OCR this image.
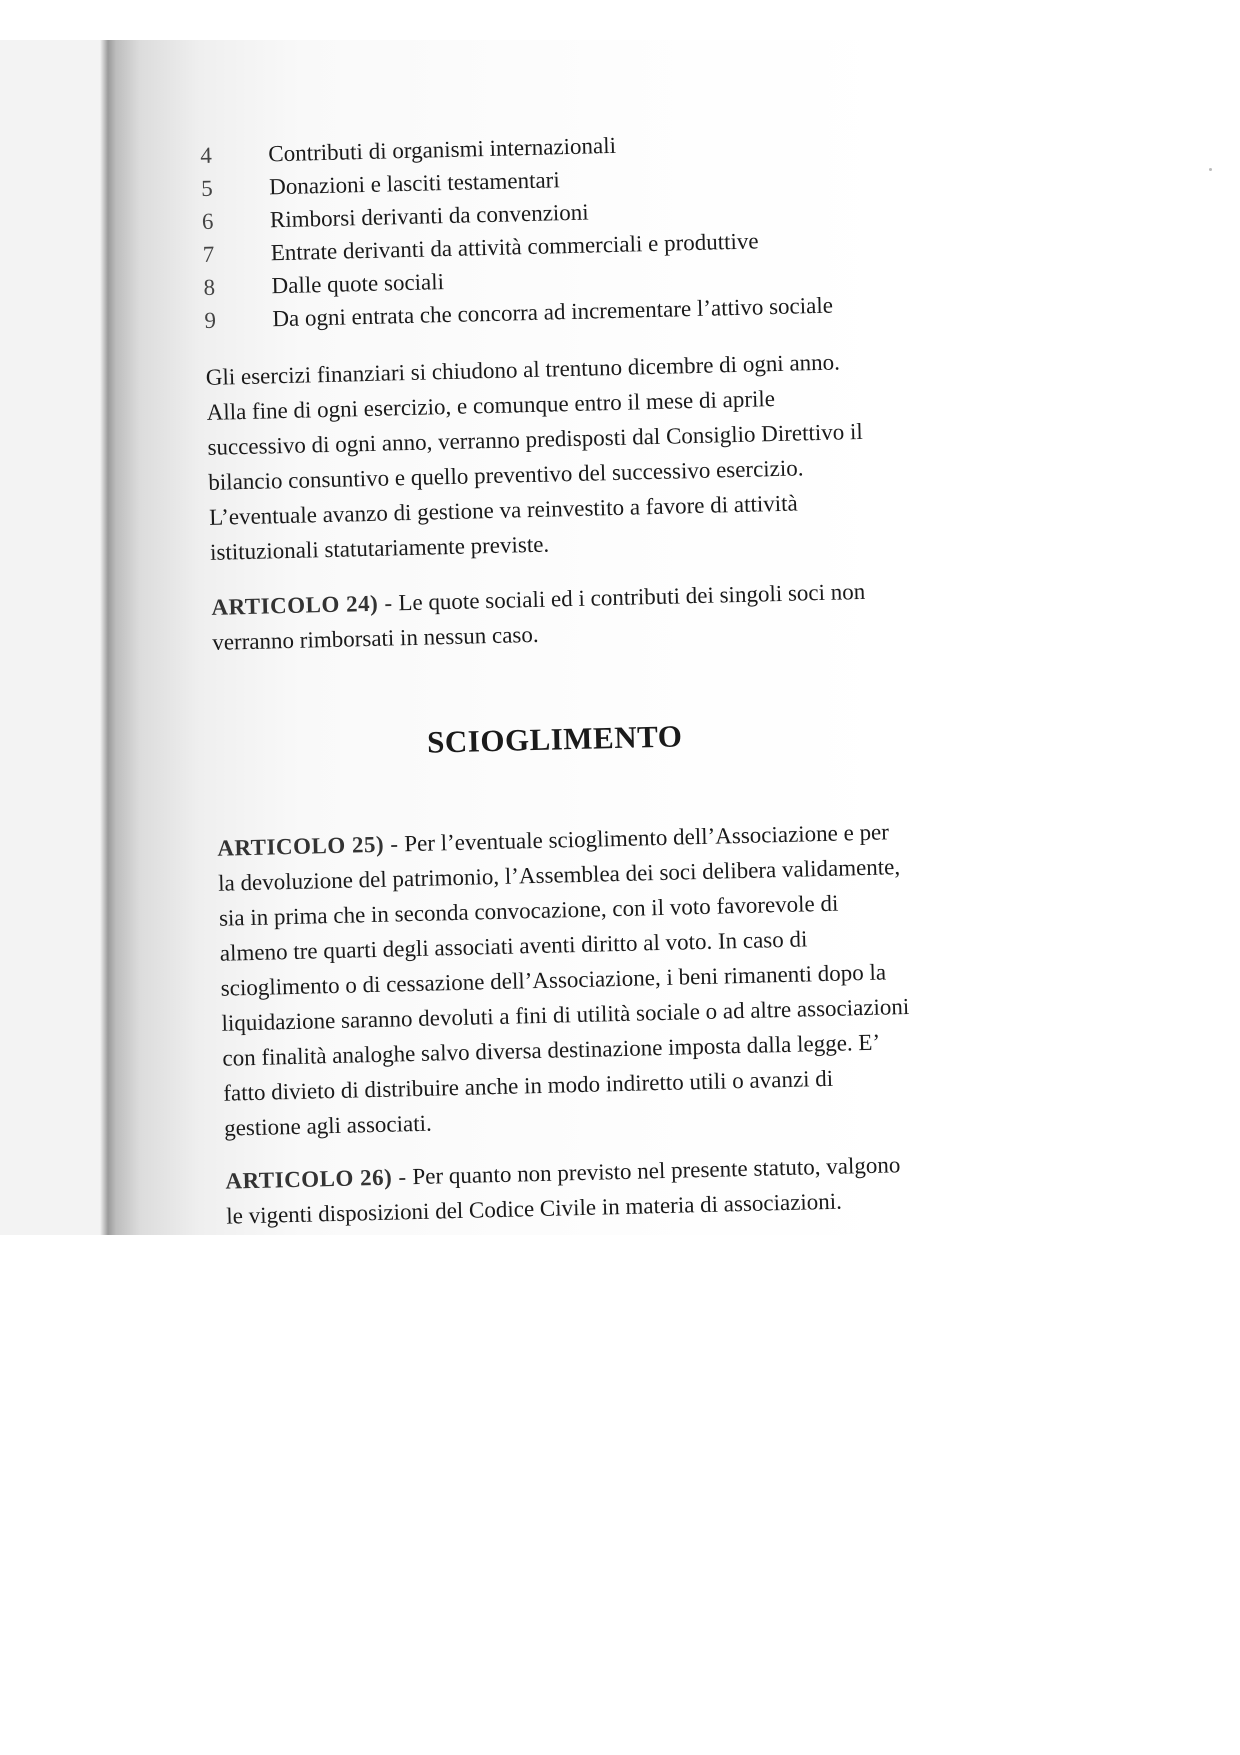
4	Contributi di organismi internazionali
5	Donazioni e lasciti testamentari
6	Rimborsi derivanti da convenzioni
7	Entrate derivanti da attività commerciali e produttive
8	Dalle quote sociali
9	Da ogni entrata che concorra ad incrementare l’attivo sociale

Gli esercizi finanziari si chiudono al trentuno dicembre di ogni anno. Alla fine di ogni esercizio, e comunque entro il mese di aprile successivo di ogni anno, verranno predisposti dal Consiglio Direttivo il bilancio consuntivo e quello preventivo del successivo esercizio. L’eventuale avanzo di gestione va reinvestito a favore di attività istituzionali statutariamente previste.

ARTICOLO 24) - Le quote sociali ed i contributi dei singoli soci non verranno rimborsati in nessun caso.

SCIOGLIMENTO

ARTICOLO 25) - Per l’eventuale scioglimento dell’Associazione e per la devoluzione del patrimonio, l’Assemblea dei soci delibera validamente, sia in prima che in seconda convocazione, con il voto favorevole di almeno tre quarti degli associati aventi diritto al voto. In caso di scioglimento o di cessazione dell’Associazione, i beni rimanenti dopo la liquidazione saranno devoluti a fini di utilità sociale o ad altre associazioni con finalità analoghe salvo diversa destinazione imposta dalla legge. E’ fatto divieto di distribuire anche in modo indiretto utili o avanzi di gestione agli associati.

ARTICOLO 26) - Per quanto non previsto nel presente statuto, valgono le vigenti disposizioni del Codice Civile in materia di associazioni.
